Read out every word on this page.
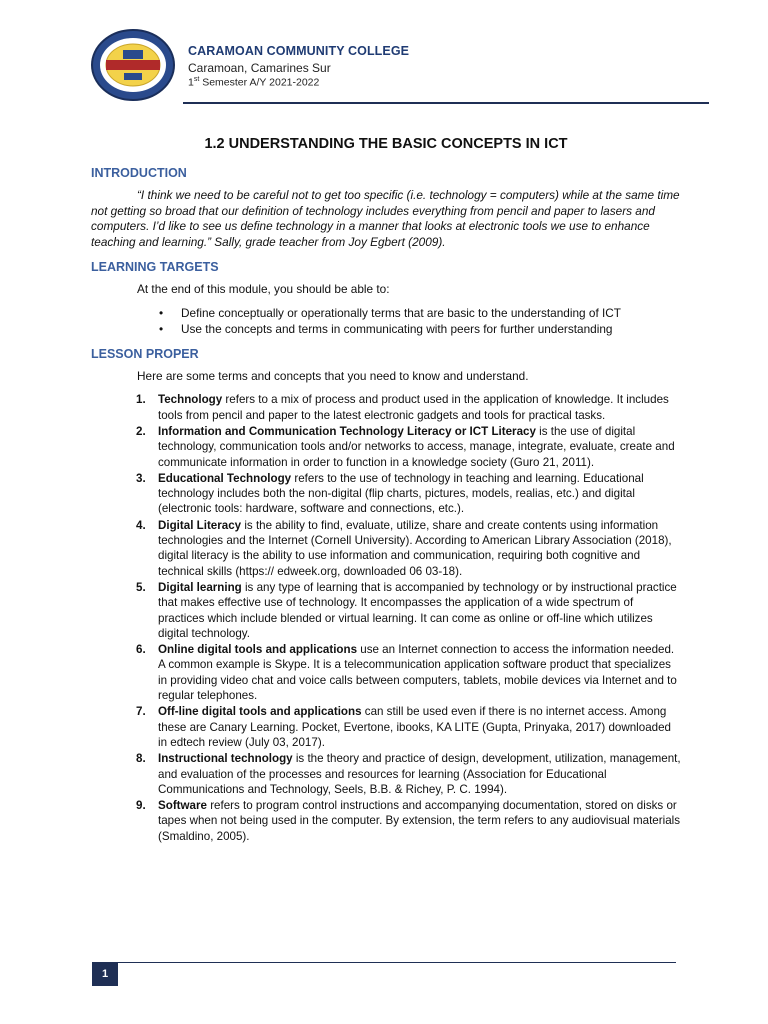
CARAMOAN COMMUNITY COLLEGE
Caramoan, Camarines Sur
1st Semester A/Y 2021-2022
1.2 UNDERSTANDING THE BASIC CONCEPTS IN ICT
INTRODUCTION
“I think we need to be careful not to get too specific (i.e. technology = computers) while at the same time not getting so broad that our definition of technology includes everything from pencil and paper to lasers and computers. I’d like to see us define technology in a manner that looks at electronic tools we use to enhance teaching and learning.” Sally, grade teacher from Joy Egbert (2009).
LEARNING TARGETS
At the end of this module, you should be able to:
• Define conceptually or operationally terms that are basic to the understanding of ICT
• Use the concepts and terms in communicating with peers for further understanding
LESSON PROPER
Here are some terms and concepts that you need to know and understand.
1. Technology refers to a mix of process and product used in the application of knowledge. It includes tools from pencil and paper to the latest electronic gadgets and tools for practical tasks.
2. Information and Communication Technology Literacy or ICT Literacy is the use of digital technology, communication tools and/or networks to access, manage, integrate, evaluate, create and communicate information in order to function in a knowledge society (Guro 21, 2011).
3. Educational Technology refers to the use of technology in teaching and learning. Educational technology includes both the non-digital (flip charts, pictures, models, realias, etc.) and digital (electronic tools: hardware, software and connections, etc.).
4. Digital Literacy is the ability to find, evaluate, utilize, share and create contents using information technologies and the Internet (Cornell University). According to American Library Association (2018), digital literacy is the ability to use information and communication, requiring both cognitive and technical skills (https:// edweek.org, downloaded 06 03-18).
5. Digital learning is any type of learning that is accompanied by technology or by instructional practice that makes effective use of technology. It encompasses the application of a wide spectrum of practices which include blended or virtual learning. It can come as online or off-line which utilizes digital technology.
6. Online digital tools and applications use an Internet connection to access the information needed. A common example is Skype. It is a telecommunication application software product that specializes in providing video chat and voice calls between computers, tablets, mobile devices via Internet and to regular telephones.
7. Off-line digital tools and applications can still be used even if there is no internet access. Among these are Canary Learning. Pocket, Evertone, ibooks, KA LITE (Gupta, Prinyaka, 2017) downloaded in edtech review (July 03, 2017).
8. Instructional technology is the theory and practice of design, development, utilization, management, and evaluation of the processes and resources for learning (Association for Educational Communications and Technology, Seels, B.B. & Richey, P. C. 1994).
9. Software refers to program control instructions and accompanying documentation, stored on disks or tapes when not being used in the computer. By extension, the term refers to any audiovisual materials (Smaldino, 2005).
1
